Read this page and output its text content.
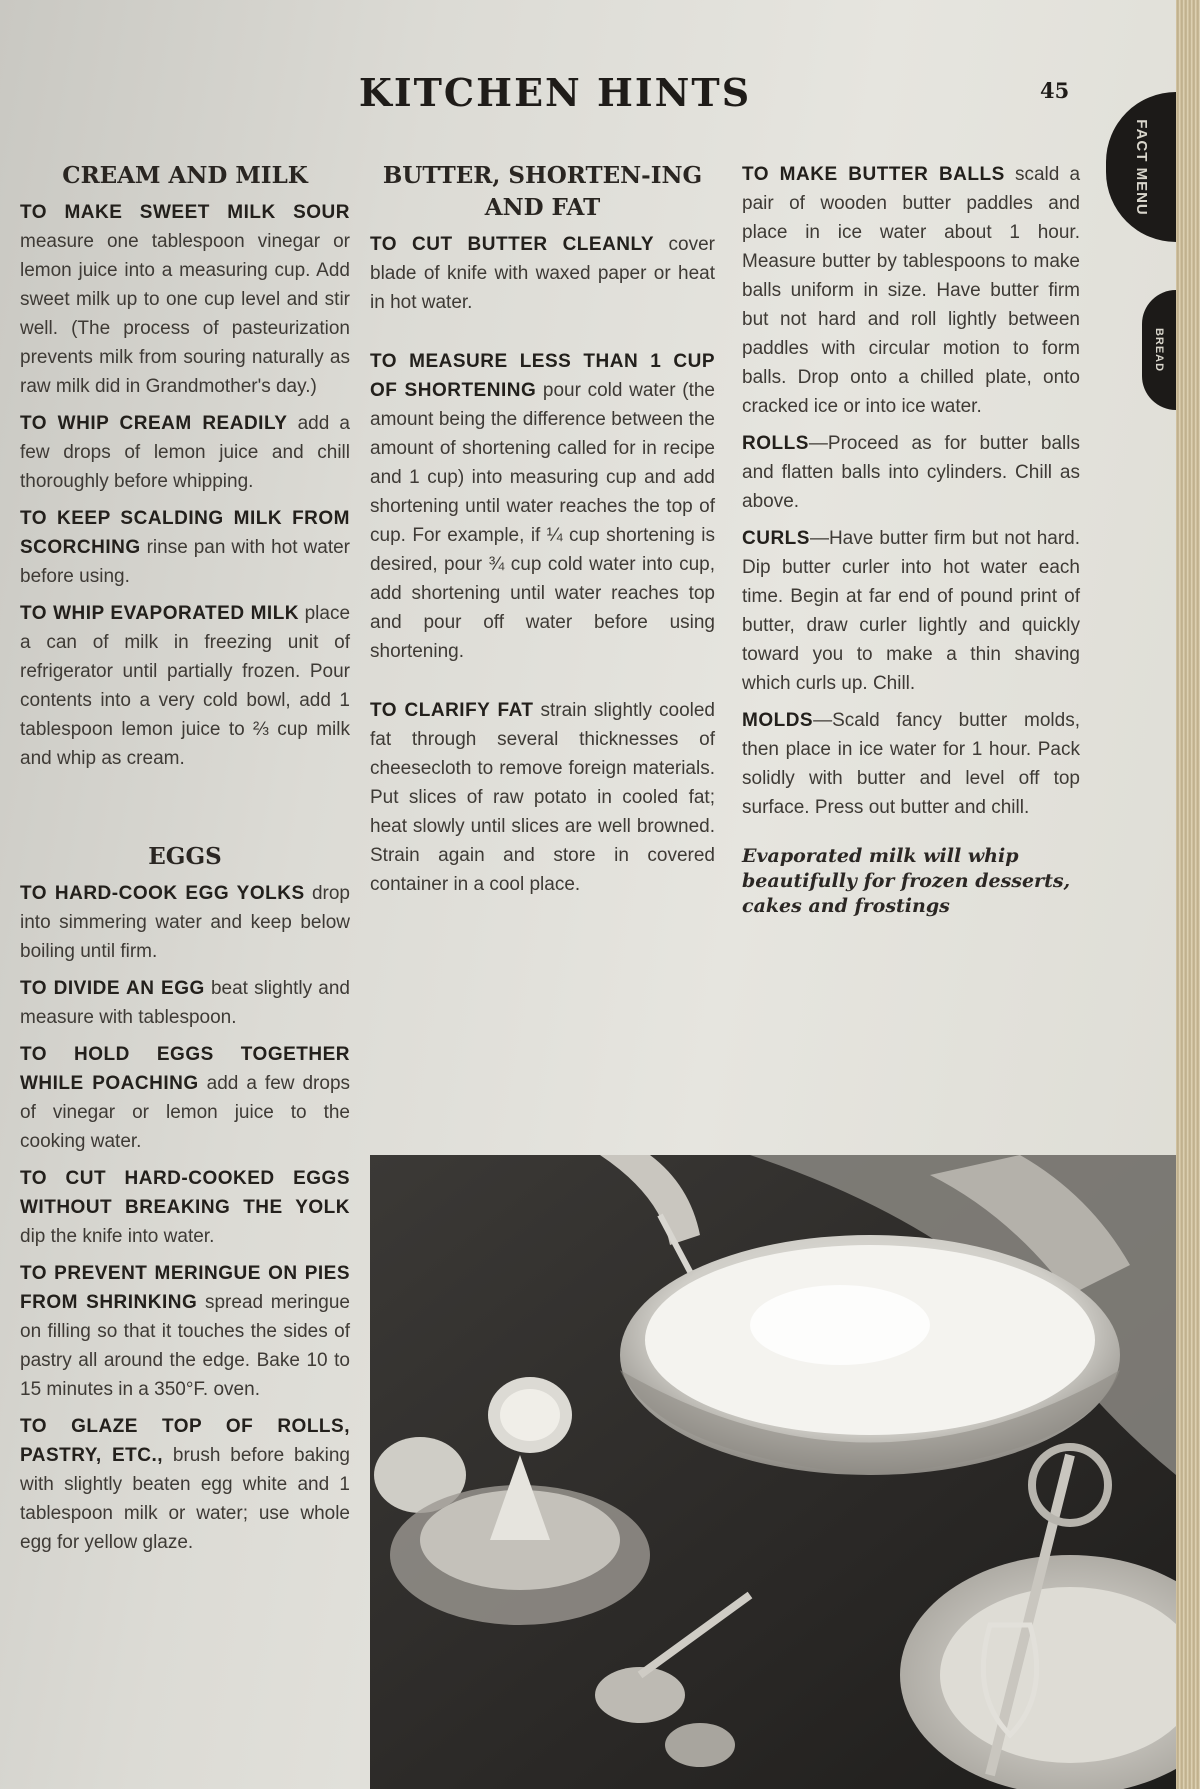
KITCHEN HINTS	45
CREAM AND MILK

TO MAKE SWEET MILK SOUR measure one tablespoon vinegar or lemon juice into a measuring cup. Add sweet milk up to one cup level and stir well. (The process of pasteurization prevents milk from souring naturally as raw milk did in Grandmother's day.)

TO WHIP CREAM READILY add a few drops of lemon juice and chill thoroughly before whipping.

TO KEEP SCALDING MILK FROM SCORCHING rinse pan with hot water before using.

TO WHIP EVAPORATED MILK place a can of milk in freezing unit of refrigerator until partially frozen. Pour contents into a very cold bowl, add 1 tablespoon lemon juice to ⅔ cup milk and whip as cream.

EGGS

TO HARD-COOK EGG YOLKS drop into simmering water and keep below boiling until firm.

TO DIVIDE AN EGG beat slightly and measure with tablespoon.

TO HOLD EGGS TOGETHER WHILE POACHING add a few drops of vinegar or lemon juice to the cooking water.

TO CUT HARD-COOKED EGGS WITHOUT BREAKING THE YOLK dip the knife into water.

TO PREVENT MERINGUE ON PIES FROM SHRINKING spread meringue on filling so that it touches the sides of pastry all around the edge. Bake 10 to 15 minutes in a 350°F. oven.

TO GLAZE TOP OF ROLLS, PASTRY, ETC., brush before baking with slightly beaten egg white and 1 tablespoon milk or water; use whole egg for yellow glaze.

BUTTER, SHORTEN-ING AND FAT

TO CUT BUTTER CLEANLY cover blade of knife with waxed paper or heat in hot water.

TO MEASURE LESS THAN 1 CUP OF SHORTENING pour cold water (the amount being the difference between the amount of shortening called for in recipe and 1 cup) into measuring cup and add shortening until water reaches the top of cup. For example, if ¼ cup shortening is desired, pour ¾ cup cold water into cup, add shortening until water reaches top and pour off water before using shortening.

TO CLARIFY FAT strain slightly cooled fat through several thicknesses of cheesecloth to remove foreign materials. Put slices of raw potato in cooled fat; heat slowly until slices are well browned. Strain again and store in covered container in a cool place.

TO MAKE BUTTER BALLS scald a pair of wooden butter paddles and place in ice water about 1 hour. Measure butter by tablespoons to make balls uniform in size. Have butter firm but not hard and roll lightly between paddles with circular motion to form balls. Drop onto a chilled plate, onto cracked ice or into ice water.

ROLLS—Proceed as for butter balls and flatten balls into cylinders. Chill as above.

CURLS—Have butter firm but not hard. Dip butter curler into hot water each time. Begin at far end of pound print of butter, draw curler lightly and quickly toward you to make a thin shaving which curls up. Chill.

MOLDS—Scald fancy butter molds, then place in ice water for 1 hour. Pack solidly with butter and level off top surface. Press out butter and chill.

Evaporated milk will whip beautifully for frozen desserts, cakes and frostings
FACT MENU
BREAD
